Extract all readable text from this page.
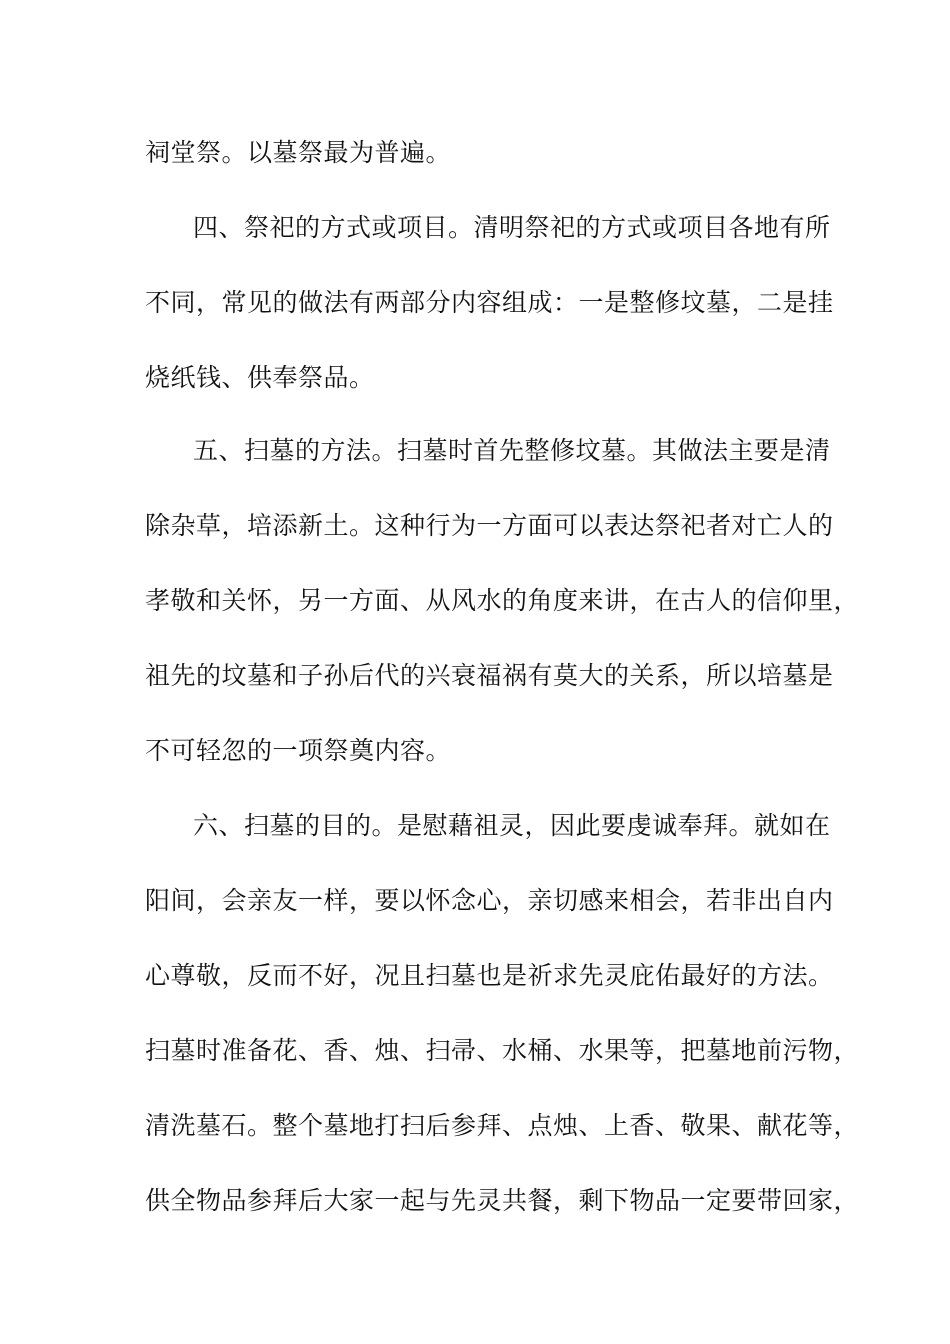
祠堂祭。以墓祭最为普遍。
四、祭祀的方式或项目。清明祭祀的方式或项目各地有所
不同，常见的做法有两部分内容组成：一是整修坟墓，二是挂
烧纸钱、供奉祭品。
五、扫墓的方法。扫墓时首先整修坟墓。其做法主要是清
除杂草，培添新土。这种行为一方面可以表达祭祀者对亡人的
孝敬和关怀，另一方面、从风水的角度来讲，在古人的信仰里，
祖先的坟墓和子孙后代的兴衰福祸有莫大的关系，所以培墓是
不可轻忽的一项祭奠内容。
六、扫墓的目的。是慰藉祖灵，因此要虔诚奉拜。就如在
阳间，会亲友一样，要以怀念心，亲切感来相会，若非出自内
心尊敬，反而不好，况且扫墓也是祈求先灵庇佑最好的方法。
扫墓时准备花、香、烛、扫帚、水桶、水果等，把墓地前污物，
清洗墓石。整个墓地打扫后参拜、点烛、上香、敬果、献花等，
供全物品参拜后大家一起与先灵共餐，剩下物品一定要带回家，
